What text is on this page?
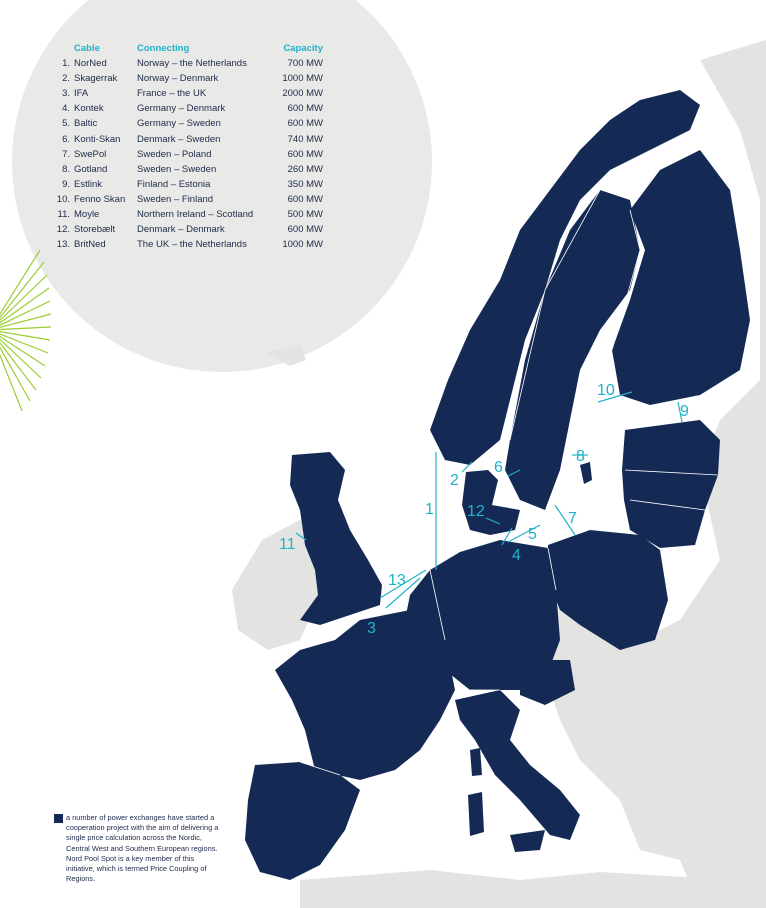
1
2
3
4
5
6
7
8
9
10
11
12
13
Cable	Connecting	Capacity
1. NorNed	Norway – the Netherlands	700 MW
2. Skagerrak	Norway – Denmark	1000 MW
3. IFA	France – the UK	2000 MW
4. Kontek	Germany – Denmark	600 MW
5. Baltic	Germany – Sweden	600 MW
6. Konti-Skan	Denmark – Sweden	740 MW
7. SwePol	Sweden – Poland	600 MW
8. Gotland	Sweden – Sweden	260 MW
9. Estlink	Finland – Estonia	350 MW
10. Fenno Skan	Sweden – Finland	600 MW
11. Moyle	Northern Ireland – Scotland	500 MW
12. Storebælt	Denmark – Denmark	600 MW
13. BritNed	The UK – the Netherlands	1000 MW
a number of power exchanges have started a cooperation project with the aim of delivering a single price calculation across the Nordic, Central West and Southern European regions. Nord Pool Spot is a key member of this initiative, which is termed Price Coupling of Regions.
